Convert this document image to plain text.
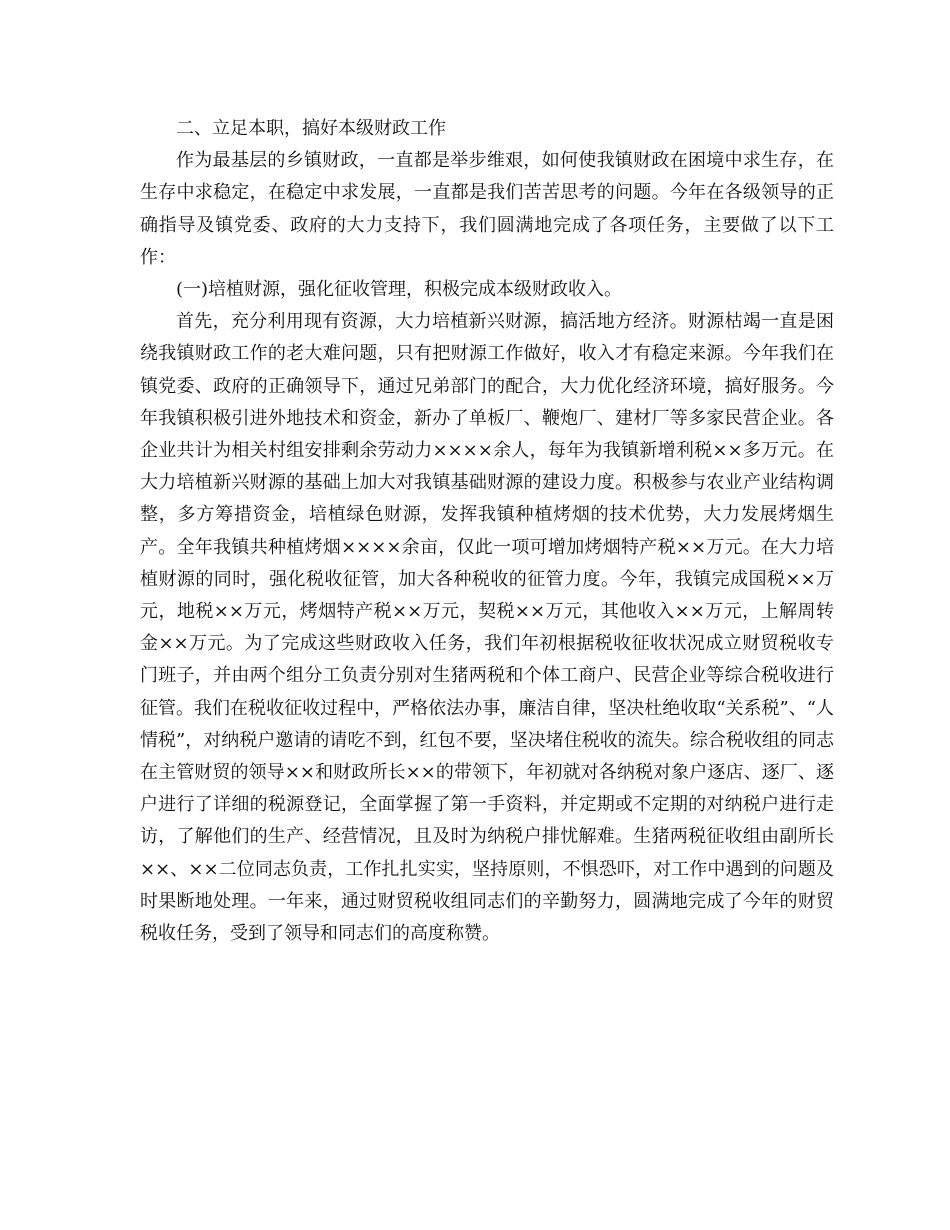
二、立足本职，搞好本级财政工作

作为最基层的乡镇财政，一直都是举步维艰，如何使我镇财政在困境中求生存，在生存中求稳定，在稳定中求发展，一直都是我们苦苦思考的问题。今年在各级领导的正确指导及镇党委、政府的大力支持下，我们圆满地完成了各项任务，主要做了以下工作：

(一)培植财源，强化征收管理，积极完成本级财政收入。

首先，充分利用现有资源，大力培植新兴财源，搞活地方经济。财源枯竭一直是困绕我镇财政工作的老大难问题，只有把财源工作做好，收入才有稳定来源。今年我们在镇党委、政府的正确领导下，通过兄弟部门的配合，大力优化经济环境，搞好服务。今年我镇积极引进外地技术和资金，新办了单板厂、鞭炮厂、建材厂等多家民营企业。各企业共计为相关村组安排剩余劳动力××××余人，每年为我镇新增利税××多万元。在大力培植新兴财源的基础上加大对我镇基础财源的建设力度。积极参与农业产业结构调整，多方筹措资金，培植绿色财源，发挥我镇种植烤烟的技术优势，大力发展烤烟生产。全年我镇共种植烤烟××××余亩，仅此一项可增加烤烟特产税××万元。在大力培植财源的同时，强化税收征管，加大各种税收的征管力度。今年，我镇完成国税××万元，地税××万元，烤烟特产税××万元，契税××万元，其他收入××万元，上解周转金××万元。为了完成这些财政收入任务，我们年初根据税收征收状况成立财贸税收专门班子，并由两个组分工负责分别对生猪两税和个体工商户、民营企业等综合税收进行征管。我们在税收征收过程中，严格依法办事，廉洁自律，坚决杜绝收取“关系税”、“人情税”，对纳税户邀请的请吃不到，红包不要，坚决堵住税收的流失。综合税收组的同志在主管财贸的领导××和财政所长××的带领下，年初就对各纳税对象户逐店、逐厂、逐户进行了详细的税源登记，全面掌握了第一手资料，并定期或不定期的对纳税户进行走访，了解他们的生产、经营情况，且及时为纳税户排忧解难。生猪两税征收组由副所长××、××二位同志负责，工作扎扎实实，坚持原则，不惧恐吓，对工作中遇到的问题及时果断地处理。一年来，通过财贸税收组同志们的辛勤努力，圆满地完成了今年的财贸税收任务，受到了领导和同志们的高度称赞。
